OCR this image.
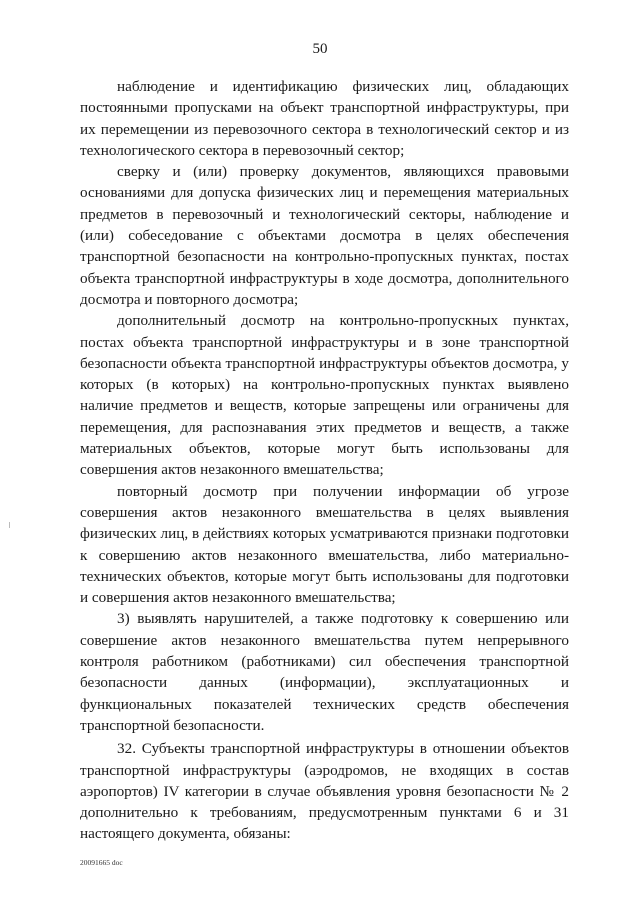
50

наблюдение и идентификацию физических лиц, обладающих постоянными пропусками на объект транспортной инфраструктуры, при их перемещении из перевозочного сектора в технологический сектор и из технологического сектора в перевозочный сектор;

сверку и (или) проверку документов, являющихся правовыми основаниями для допуска физических лиц и перемещения материальных предметов в перевозочный и технологический секторы, наблюдение и (или) собеседование с объектами досмотра в целях обеспечения транспортной безопасности на контрольно-пропускных пунктах, постах объекта транспортной инфраструктуры в ходе досмотра, дополнительного досмотра и повторного досмотра;

дополнительный досмотр на контрольно-пропускных пунктах, постах объекта транспортной инфраструктуры и в зоне транспортной безопасности объекта транспортной инфраструктуры объектов досмотра, у которых (в которых) на контрольно-пропускных пунктах выявлено наличие предметов и веществ, которые запрещены или ограничены для перемещения, для распознавания этих предметов и веществ, а также материальных объектов, которые могут быть использованы для совершения актов незаконного вмешательства;

повторный досмотр при получении информации об угрозе совершения актов незаконного вмешательства в целях выявления физических лиц, в действиях которых усматриваются признаки подготовки к совершению актов незаконного вмешательства, либо материально-технических объектов, которые могут быть использованы для подготовки и совершения актов незаконного вмешательства;

3) выявлять нарушителей, а также подготовку к совершению или совершение актов незаконного вмешательства путем непрерывного контроля работником (работниками) сил обеспечения транспортной безопасности данных (информации), эксплуатационных и функциональных показателей технических средств обеспечения транспортной безопасности.

32. Субъекты транспортной инфраструктуры в отношении объектов транспортной инфраструктуры (аэродромов, не входящих в состав аэропортов) IV категории в случае объявления уровня безопасности № 2 дополнительно к требованиям, предусмотренным пунктами 6 и 31 настоящего документа, обязаны:

20091665 doc
